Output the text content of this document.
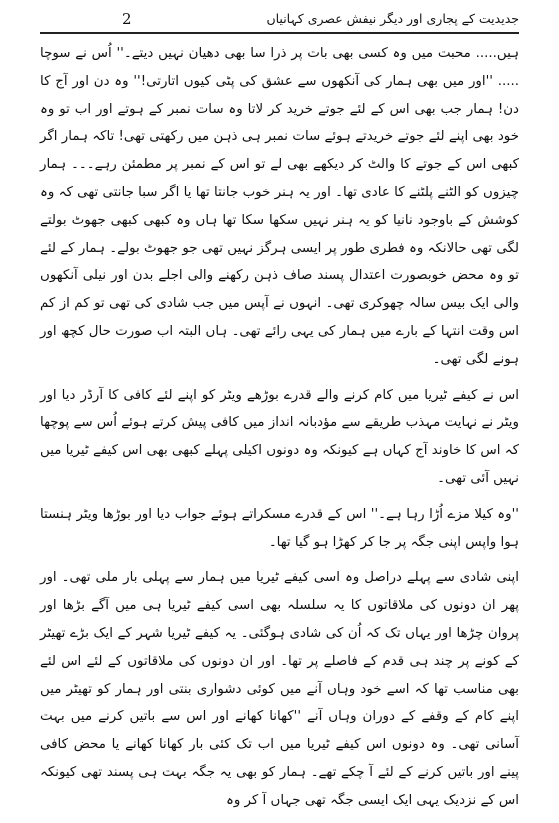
2	جدیدیت کے پجاری اور دیگر نیفش عصری کہانیاں

ہیں..... محبت میں وہ کسی بھی بات پر ذرا سا بھی دھیان نہیں دیتے۔'' اُس نے سوچا ..... ''اور میں بھی ہمار کی آنکھوں سے عشق کی پٹی کیوں اتارتی!'' وہ دن اور آج کا دن! ہمار جب بھی اس کے لئے جوتے خرید کر لاتا وہ سات نمبر کے ہوتے اور اب تو وہ خود بھی اپنے لئے جوتے خریدتے ہوئے سات نمبر ہی ذہن میں رکھتی تھی! تاکہ ہمار اگر کبھی اس کے جوتے کا والٹ کر دیکھے بھی لے تو اس کے نمبر پر مطمئن رہے۔۔۔ ہمار چیزوں کو الٹنے پلٹنے کا عادی تھا۔ اور یہ ہنر خوب جانتا تھا یا اگر سبا جانتی تھی کہ وہ کوشش کے باوجود نانیا کو یہ ہنر نہیں سکھا سکا تھا ہاں وہ کبھی کبھی جھوٹ بولتے لگی تھی حالانکہ وہ فطری طور پر ایسی ہرگز نہیں تھی جو جھوٹ بولے۔ ہمار کے لئے تو وہ محض خوبصورت اعتدال پسند صاف ذہن رکھنے والی اجلے بدن اور نیلی آنکھوں والی ایک بیس سالہ چھوکری تھی۔ انہوں نے آپس میں جب شادی کی تھی تو کم از کم اس وقت انتہا کے بارے میں ہمار کی یہی رائے تھی۔ ہاں البتہ اب صورت حال کچھ اور ہونے لگی تھی۔

اس نے کیفے ٹیریا میں کام کرنے والے قدرے بوڑھے ویٹر کو اپنے لئے کافی کا آرڈر دیا اور ویٹر نے نہایت مہذب طریقے سے مؤدبانہ انداز میں کافی پیش کرتے ہوئے اُس سے پوچھا کہ اس کا خاوند آج کہاں ہے کیونکہ وہ دونوں اکیلی پہلے کبھی بھی اس کیفے ٹیریا میں نہیں آئی تھی۔

''وہ کیلا مزے اُڑا رہا ہے۔'' اس کے قدرے مسکراتے ہوئے جواب دیا اور بوڑھا ویٹر ہنستا ہوا واپس اپنی جگہ پر جا کر کھڑا ہو گیا تھا۔

اپنی شادی سے پہلے دراصل وہ اسی کیفے ٹیریا میں ہمار سے پہلی بار ملی تھی۔ اور پھر ان دونوں کی ملاقاتوں کا یہ سلسلہ بھی اسی کیفے ٹیریا ہی میں آگے بڑھا اور پروان چڑھا اور یہاں تک کہ اُن کی شادی ہوگئی۔ یہ کیفے ٹیریا شہر کے ایک بڑے تھیٹر کے کونے پر چند ہی قدم کے فاصلے پر تھا۔ اور ان دونوں کی ملاقاتوں کے لئے اس لئے بھی مناسب تھا کہ اسے خود وہاں آنے میں کوئی دشواری بنتی اور ہمار کو تھیٹر میں اپنے کام کے وقفے کے دوران وہاں آنے ''کھانا کھانے اور اس سے باتیں کرنے میں بہت آسانی تھی۔ وہ دونوں اس کیفے ٹیریا میں اب تک کئی بار کھانا کھانے یا محض کافی پینے اور باتیں کرنے کے لئے آ چکے تھے۔ ہمار کو بھی یہ جگہ بہت ہی پسند تھی کیونکہ اس کے نزدیک یہی ایک ایسی جگہ تھی جہاں آ کر وہ
